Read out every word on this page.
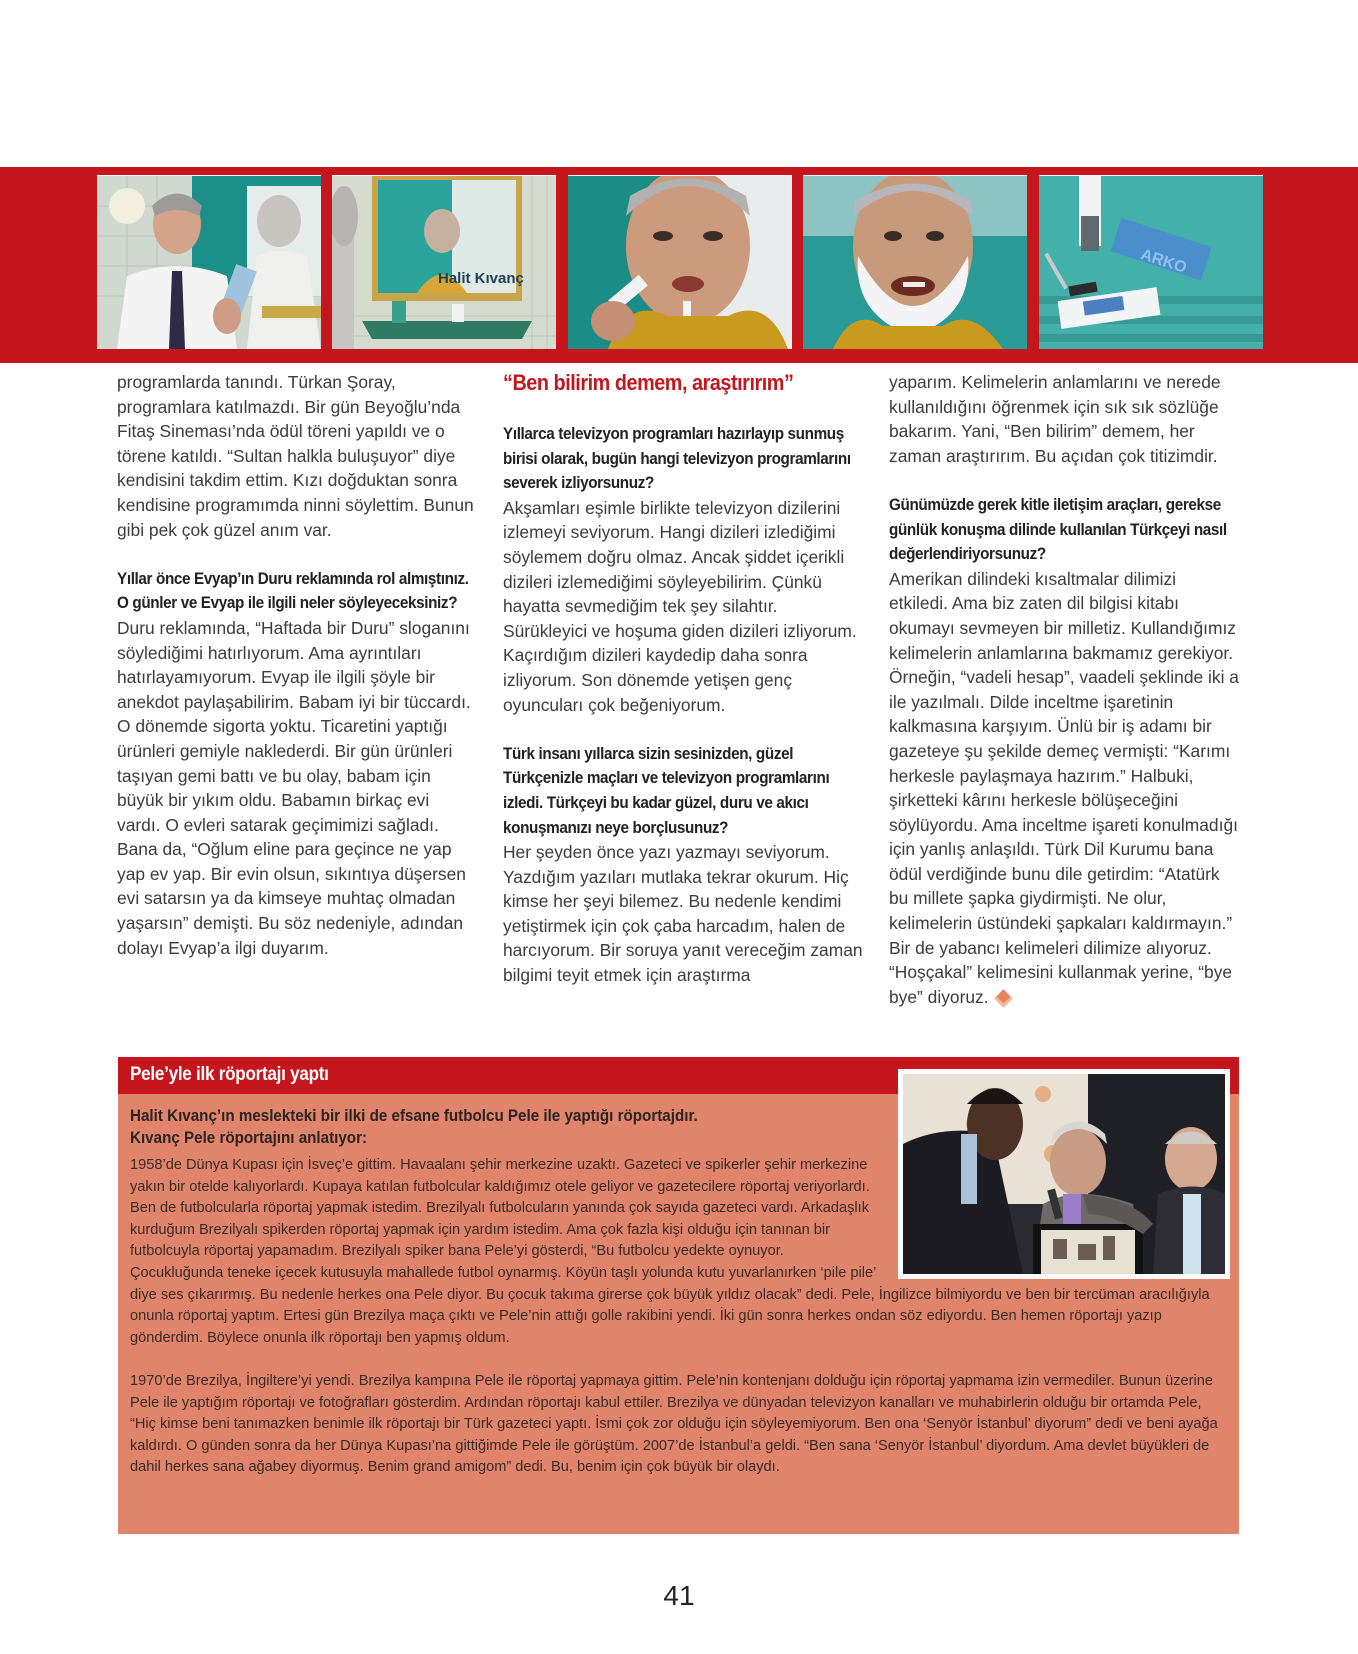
Halit Kıvanç
ARKO

programlarda tanındı. Türkan Şoray, programlara katılmazdı. Bir gün Beyoğlu’nda Fitaş Sineması’nda ödül töreni yapıldı ve o törene katıldı. “Sultan halkla buluşuyor” diye kendisini takdim ettim. Kızı doğduktan sonra kendisine programımda ninni söylettim. Bunun gibi pek çok güzel anım var.

Yıllar önce Evyap’ın Duru reklamında rol almıştınız. O günler ve Evyap ile ilgili neler söyleyeceksiniz?
Duru reklamında, “Haftada bir Duru” sloganını söylediğimi hatırlıyorum. Ama ayrıntıları hatırlayamıyorum. Evyap ile ilgili şöyle bir anekdot paylaşabilirim. Babam iyi bir tüccardı. O dönemde sigorta yoktu. Ticaretini yaptığı ürünleri gemiyle naklederdi. Bir gün ürünleri taşıyan gemi battı ve bu olay, babam için büyük bir yıkım oldu. Babamın birkaç evi vardı. O evleri satarak geçimimizi sağladı. Bana da, “Oğlum eline para geçince ne yap yap ev yap. Bir evin olsun, sıkıntıya düşersen evi satarsın ya da kimseye muhtaç olmadan yaşarsın” demişti. Bu söz nedeniyle, adından dolayı Evyap’a ilgi duyarım.

“Ben bilirim demem, araştırırım”

Yıllarca televizyon programları hazırlayıp sunmuş birisi olarak, bugün hangi televizyon programlarını severek izliyorsunuz?
Akşamları eşimle birlikte televizyon dizilerini izlemeyi seviyorum. Hangi dizileri izlediğimi söylemem doğru olmaz. Ancak şiddet içerikli dizileri izlemediğimi söyleyebilirim. Çünkü hayatta sevmediğim tek şey silahtır. Sürükleyici ve hoşuma giden dizileri izliyorum. Kaçırdığım dizileri kaydedip daha sonra izliyorum. Son dönemde yetişen genç oyuncuları çok beğeniyorum.

Türk insanı yıllarca sizin sesinizden, güzel Türkçenizle maçları ve televizyon programlarını izledi. Türkçeyi bu kadar güzel, duru ve akıcı konuşmanızı neye borçlusunuz?
Her şeyden önce yazı yazmayı seviyorum. Yazdığım yazıları mutlaka tekrar okurum. Hiç kimse her şeyi bilemez. Bu nedenle kendimi yetiştirmek için çok çaba harcadım, halen de harcıyorum. Bir soruya yanıt vereceğim zaman bilgimi teyit etmek için araştırma

yaparım. Kelimelerin anlamlarını ve nerede kullanıldığını öğrenmek için sık sık sözlüğe bakarım. Yani, “Ben bilirim” demem, her zaman araştırırım. Bu açıdan çok titizimdir.

Günümüzde gerek kitle iletişim araçları, gerekse günlük konuşma dilinde kullanılan Türkçeyi nasıl değerlendiriyorsunuz?
Amerikan dilindeki kısaltmalar dilimizi etkiledi. Ama biz zaten dil bilgisi kitabı okumayı sevmeyen bir milletiz. Kullandığımız kelimelerin anlamlarına bakmamız gerekiyor. Örneğin, “vadeli hesap”, vaadeli şeklinde iki a ile yazılmalı. Dilde inceltme işaretinin kalkmasına karşıyım. Ünlü bir iş adamı bir gazeteye şu şekilde demeç vermişti: “Karımı herkesle paylaşmaya hazırım.” Halbuki, şirketteki kârını herkesle bölüşeceğini söylüyordu. Ama inceltme işareti konulmadığı için yanlış anlaşıldı. Türk Dil Kurumu bana ödül verdiğinde bunu dile getirdim: “Atatürk bu millete şapka giydirmişti. Ne olur, kelimelerin üstündeki şapkaları kaldırmayın.” Bir de yabancı kelimeleri dilimize alıyoruz. “Hoşçakal” kelimesini kullanmak yerine, “bye bye” diyoruz.

Pele’yle ilk röportajı yaptı
Halit Kıvanç’ın meslekteki bir ilki de efsane futbolcu Pele ile yaptığı röportajdır.
Kıvanç Pele röportajını anlatıyor:

1958’de Dünya Kupası için İsveç’e gittim. Havaalanı şehir merkezine uzaktı. Gazeteci ve spikerler şehir merkezine yakın bir otelde kalıyorlardı. Kupaya katılan futbolcular kaldığımız otele geliyor ve gazetecilere röportaj veriyorlardı. Ben de futbolcularla röportaj yapmak istedim. Brezilyalı futbolcuların yanında çok sayıda gazeteci vardı. Arkadaşlık kurduğum Brezilyalı spikerden röportaj yapmak için yardım istedim. Ama çok fazla kişi olduğu için tanınan bir futbolcuyla röportaj yapamadım. Brezilyalı spiker bana Pele’yi gösterdi, “Bu futbolcu yedekte oynuyor. Çocukluğunda teneke içecek kutusuyla mahallede futbol oynarmış. Köyün taşlı yolunda kutu yuvarlanırken ‘pile pile’ diye ses çıkarırmış. Bu nedenle herkes ona Pele diyor. Bu çocuk takıma girerse çok büyük yıldız olacak” dedi. Pele, İngilizce bilmiyordu ve ben bir tercüman aracılığıyla onunla röportaj yaptım. Ertesi gün Brezilya maça çıktı ve Pele’nin attığı golle rakibini yendi. İki gün sonra herkes ondan söz ediyordu. Ben hemen röportajı yazıp gönderdim. Böylece onunla ilk röportajı ben yapmış oldum.

1970’de Brezilya, İngiltere’yi yendi. Brezilya kampına Pele ile röportaj yapmaya gittim. Pele’nin kontenjanı dolduğu için röportaj yapmama izin vermediler. Bunun üzerine Pele ile yaptığım röportajı ve fotoğrafları gösterdim. Ardından röportajı kabul ettiler. Brezilya ve dünyadan televizyon kanalları ve muhabirlerin olduğu bir ortamda Pele, “Hiç kimse beni tanımazken benimle ilk röportajı bir Türk gazeteci yaptı. İsmi çok zor olduğu için söyleyemiyorum. Ben ona ‘Senyör İstanbul’ diyorum” dedi ve beni ayağa kaldırdı. O günden sonra da her Dünya Kupası’na gittiğimde Pele ile görüştüm. 2007’de İstanbul’a geldi. “Ben sana ‘Senyör İstanbul’ diyordum. Ama devlet büyükleri de dahil herkes sana ağabey diyormuş. Benim grand amigom” dedi. Bu, benim için çok büyük bir olaydı.

41
